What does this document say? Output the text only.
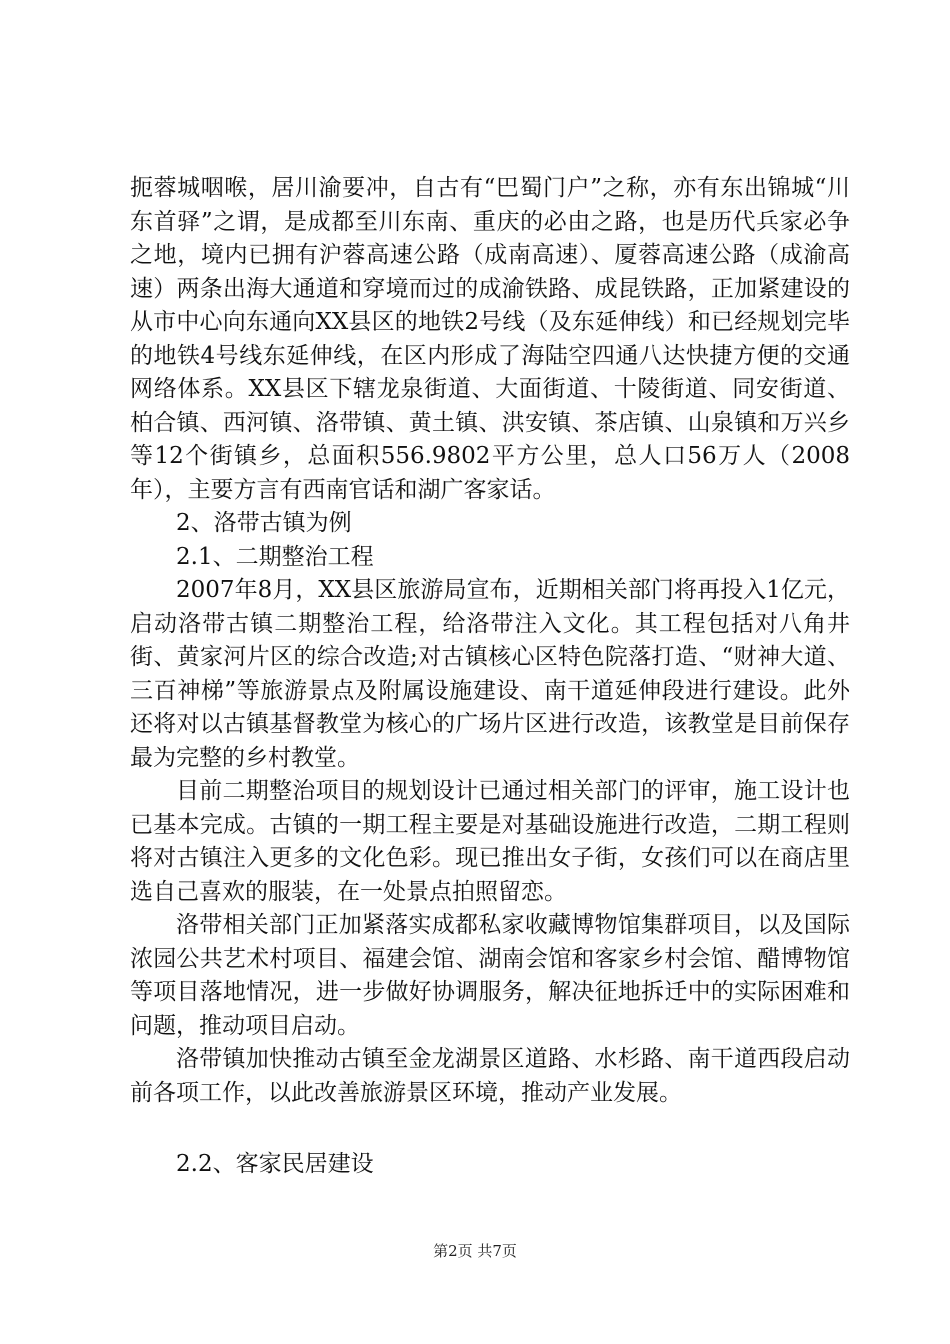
扼蓉城咽喉，居川渝要冲，自古有“巴蜀门户”之称，亦有东出锦城“川东首驿”之谓，是成都至川东南、重庆的必由之路，也是历代兵家必争之地，境内已拥有沪蓉高速公路（成南高速）、厦蓉高速公路（成渝高速）两条出海大通道和穿境而过的成渝铁路、成昆铁路，正加紧建设的从市中心向东通向XX县区的地铁2号线（及东延伸线）和已经规划完毕的地铁4号线东延伸线，在区内形成了海陆空四通八达快捷方便的交通网络体系。XX县区下辖龙泉街道、大面街道、十陵街道、同安街道、柏合镇、西河镇、洛带镇、黄土镇、洪安镇、茶店镇、山泉镇和万兴乡等12个街镇乡，总面积556.9802平方公里，总人口56万人（2008年），主要方言有西南官话和湖广客家话。

2、洛带古镇为例

2.1、二期整治工程

2007年8月，XX县区旅游局宣布，近期相关部门将再投入1亿元，启动洛带古镇二期整治工程，给洛带注入文化。其工程包括对八角井街、黄家河片区的综合改造;对古镇核心区特色院落打造、“财神大道、三百神梯”等旅游景点及附属设施建设、南干道延伸段进行建设。此外还将对以古镇基督教堂为核心的广场片区进行改造，该教堂是目前保存最为完整的乡村教堂。

目前二期整治项目的规划设计已通过相关部门的评审，施工设计也已基本完成。古镇的一期工程主要是对基础设施进行改造，二期工程则将对古镇注入更多的文化色彩。现已推出女子街，女孩们可以在商店里选自己喜欢的服装，在一处景点拍照留恋。

洛带相关部门正加紧落实成都私家收藏博物馆集群项目，以及国际浓园公共艺术村项目、福建会馆、湖南会馆和客家乡村会馆、醋博物馆等项目落地情况，进一步做好协调服务，解决征地拆迁中的实际困难和问题，推动项目启动。

洛带镇加快推动古镇至金龙湖景区道路、水杉路、南干道西段启动前各项工作，以此改善旅游景区环境，推动产业发展。

2.2、客家民居建设

第2页 共7页
